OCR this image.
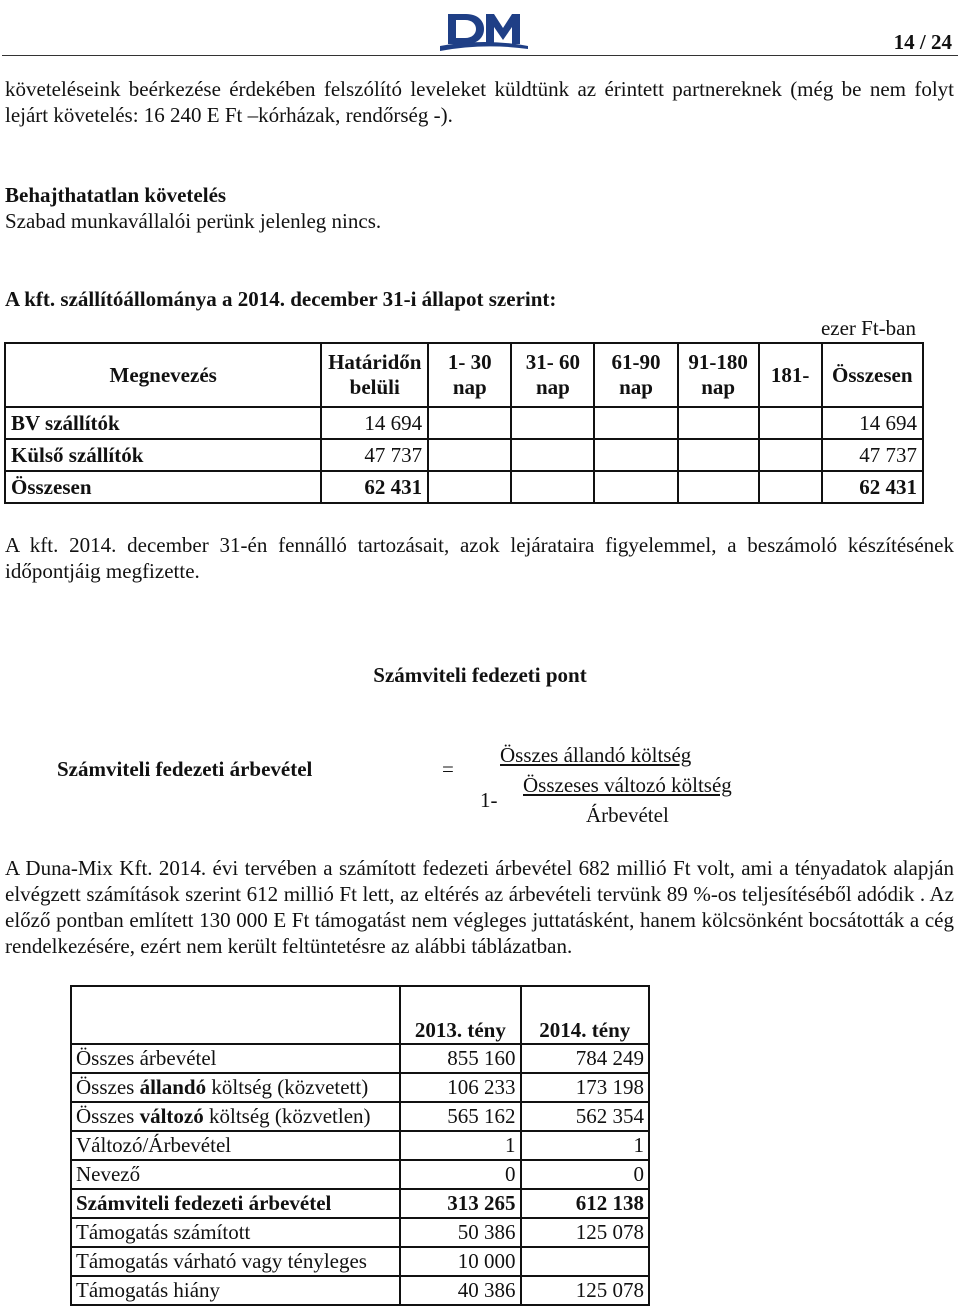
14 / 24
követeléseink beérkezése érdekében felszólító leveleket küldtünk az érintett partnereknek (még be nem folyt lejárt követelés: 16 240 E Ft –kórházak, rendőrség -).
Behajthatatlan követelés
Szabad munkavállalói perünk jelenleg nincs.
A kft. szállítóállománya a 2014. december 31-i állapot szerint:
ezer Ft-ban
Megnevezés	Határidőn belüli	1- 30 nap	31- 60 nap	61-90 nap	91-180 nap	181-	Összesen
BV szállítók	14 694						14 694
Külső szállítók	47 737						47 737
Összesen	62 431						62 431
A kft. 2014. december 31-én fennálló tartozásait, azok lejárataira figyelemmel, a beszámoló készítésének időpontjáig megfizette.
Számviteli fedezeti pont
Számviteli fedezeti árbevétel	=
Összes állandó költség
1-
Összeses változó költség
Árbevétel
A Duna-Mix Kft. 2014. évi tervében a számított fedezeti árbevétel 682 millió Ft volt, ami a tényadatok alapján elvégzett számítások szerint 612 millió Ft lett, az eltérés az árbevételi tervünk 89 %-os teljesítéséből adódik . Az előző pontban említett 130 000 E Ft támogatást nem végleges juttatásként, hanem kölcsönként bocsátották a cég rendelkezésére, ezért nem került feltüntetésre az alábbi táblázatban.
	2013. tény	2014. tény
Összes árbevétel	855 160	784 249
Összes állandó költség (közvetett)	106 233	173 198
Összes változó költség (közvetlen)	565 162	562 354
Változó/Árbevétel	1	1
Nevező	0	0
Számviteli fedezeti árbevétel	313 265	612 138
Támogatás számított	50 386	125 078
Támogatás várható vagy tényleges	10 000	
Támogatás hiány	40 386	125 078
